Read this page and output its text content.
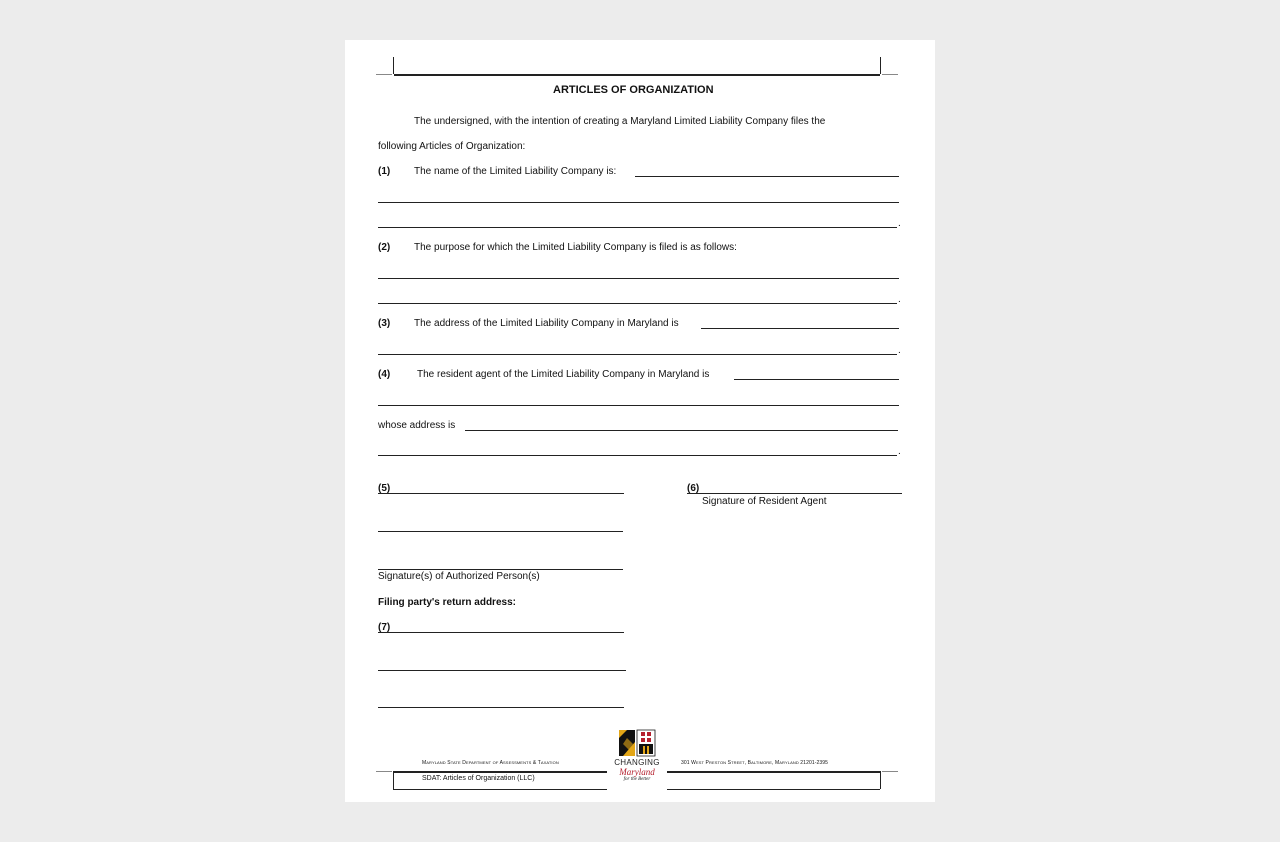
ARTICLES OF ORGANIZATION
The undersigned, with the intention of creating a Maryland Limited Liability Company files the
following Articles of Organization:
(1) The name of the Limited Liability Company is:
.
(2) The purpose for which the Limited Liability Company is filed is as follows:
.
(3) The address of the Limited Liability Company in Maryland is
.
(4)	The resident agent of the Limited Liability Company in Maryland is
whose address is
.
(5)	(6)
Signature of Resident Agent
Signature(s) of Authorized Person(s)
Filing party's return address:
(7)
Maryland State Department of Assessments & Taxation	301 West Preston Street, Baltimore, Maryland 21201-2395
SDAT: Articles of Organization (LLC)
CHANGING
Maryland
for the Better
